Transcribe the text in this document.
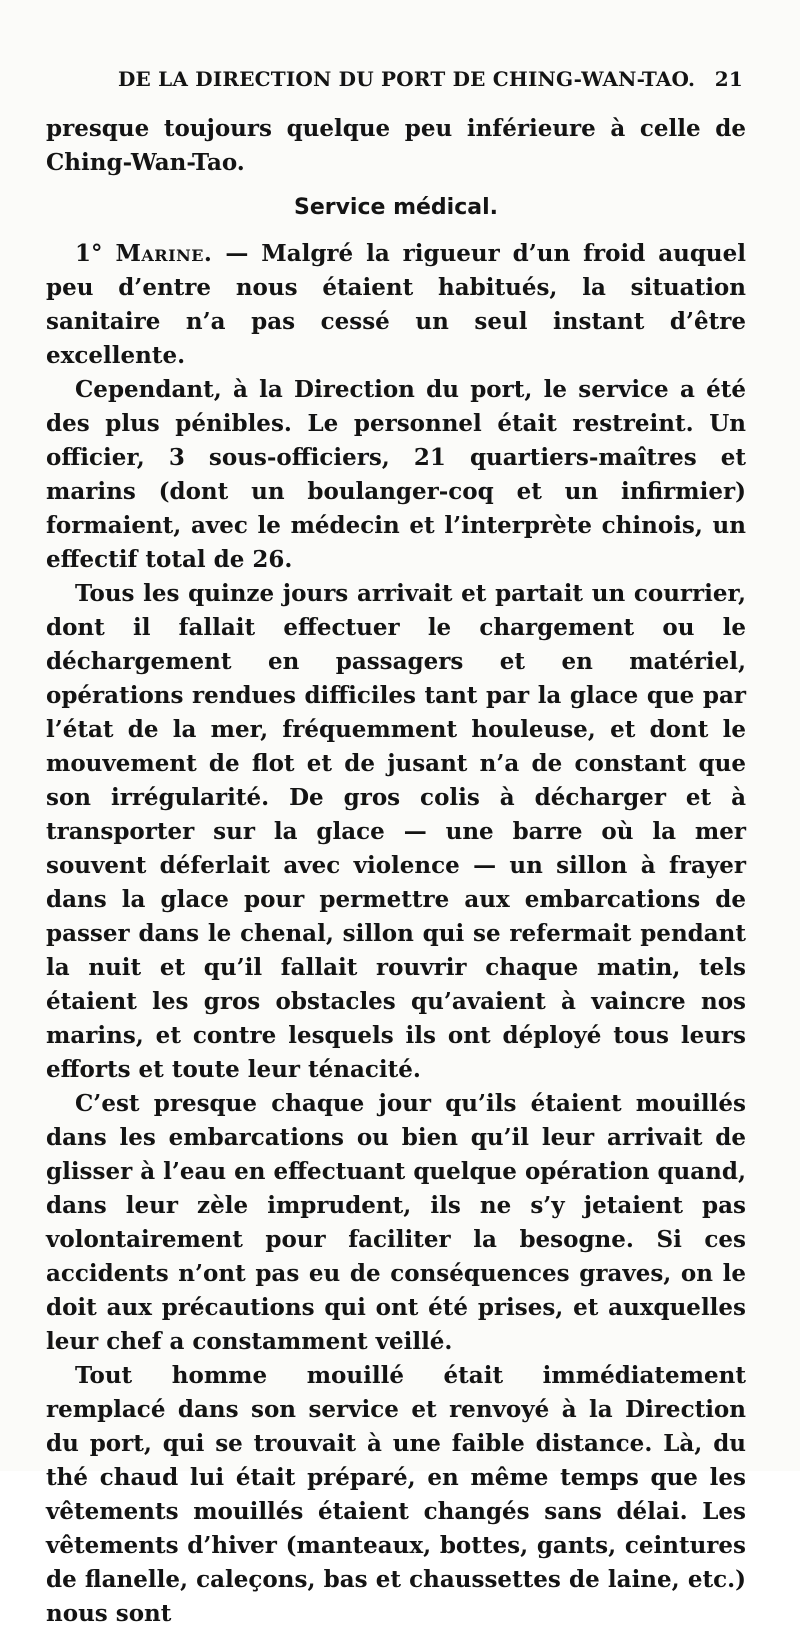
DE LA DIRECTION DU PORT DE CHING-WAN-TAO. 21

presque toujours quelque peu inférieure à celle de Ching-Wan-Tao.

Service médical.

1° Marine. — Malgré la rigueur d’un froid auquel peu d’entre nous étaient habitués, la situation sanitaire n’a pas cessé un seul instant d’être excellente.

Cependant, à la Direction du port, le service a été des plus pénibles. Le personnel était restreint. Un officier, 3 sous-officiers, 21 quartiers-maîtres et marins (dont un boulanger-coq et un infirmier) formaient, avec le médecin et l’interprète chinois, un effectif total de 26.

Tous les quinze jours arrivait et partait un courrier, dont il fallait effectuer le chargement ou le déchargement en passagers et en matériel, opérations rendues difficiles tant par la glace que par l’état de la mer, fréquemment houleuse, et dont le mouvement de flot et de jusant n’a de constant que son irrégularité. De gros colis à décharger et à transporter sur la glace — une barre où la mer souvent déferlait avec violence — un sillon à frayer dans la glace pour permettre aux embarcations de passer dans le chenal, sillon qui se refermait pendant la nuit et qu’il fallait rouvrir chaque matin, tels étaient les gros obstacles qu’avaient à vaincre nos marins, et contre lesquels ils ont déployé tous leurs efforts et toute leur ténacité.

C’est presque chaque jour qu’ils étaient mouillés dans les embarcations ou bien qu’il leur arrivait de glisser à l’eau en effectuant quelque opération quand, dans leur zèle imprudent, ils ne s’y jetaient pas volontairement pour faciliter la besogne. Si ces accidents n’ont pas eu de conséquences graves, on le doit aux précautions qui ont été prises, et auxquelles leur chef a constamment veillé.

Tout homme mouillé était immédiatement remplacé dans son service et renvoyé à la Direction du port, qui se trouvait à une faible distance. Là, du thé chaud lui était préparé, en même temps que les vêtements mouillés étaient changés sans délai. Les vêtements d’hiver (manteaux, bottes, gants, ceintures de flanelle, caleçons, bas et chaussettes de laine, etc.) nous sont
